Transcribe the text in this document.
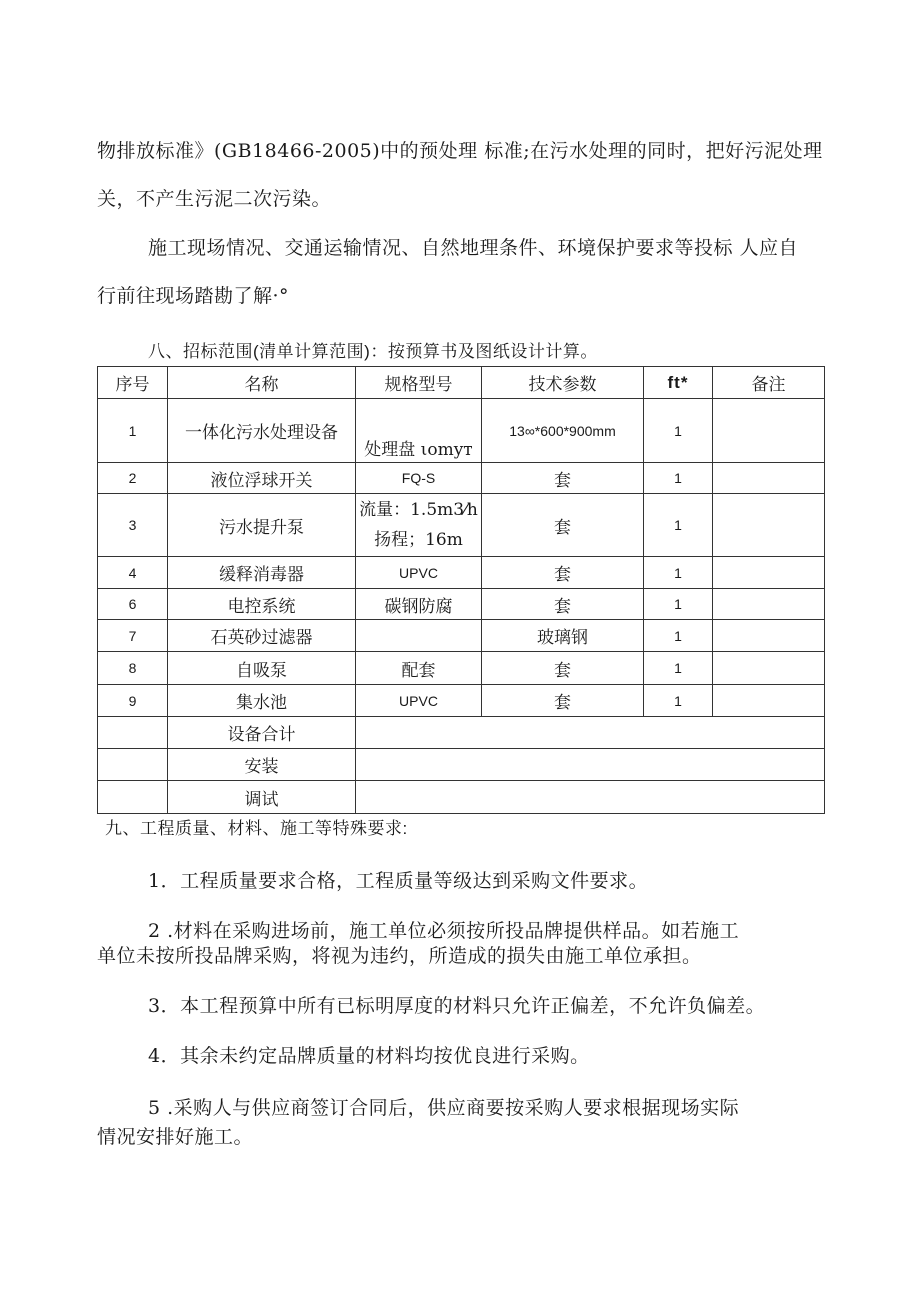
物排放标准》(GB18466-2005)中的预处理 标准;在污水处理的同时，把好污泥处理
关，不产生污泥二次污染。
施工现场情况、交通运输情况、自然地理条件、环境保护要求等投标 人应自
行前往现场踏勘了解·°
八、招标范围(清单计算范围)：按预算书及图纸设计计算。
序号	名称	规格型号	技术参数	ft*	备注
1	一体化污水处理设备	处理盘 ιomyт	13∞*600*900mm	1	
2	液位浮球开关	FQ-S	套	1	
3	污水提升泵	流量：1.5m3⁄h
扬程；16m	套	1	
4	缓释消毒器	UPVC	套	1	
6	电控系统	碳钢防腐	套	1	
7	石英砂过滤器		玻璃钢	1	
8	自吸泵	配套	套	1	
9	集水池	UPVC	套	1	
	设备合计				
	安装				
	调试				
九、工程质量、材料、施工等特殊要求:
1．工程质量要求合格，工程质量等级达到采购文件要求。
2 .材料在采购进场前，施工单位必须按所投品牌提供样品。如若施工
单位未按所投品牌采购，将视为违约，所造成的损失由施工单位承担。
3．本工程预算中所有已标明厚度的材料只允许正偏差，不允许负偏差。
4．其余未约定品牌质量的材料均按优良进行采购。
5 .采购人与供应商签订合同后，供应商要按采购人要求根据现场实际
情况安排好施工。
